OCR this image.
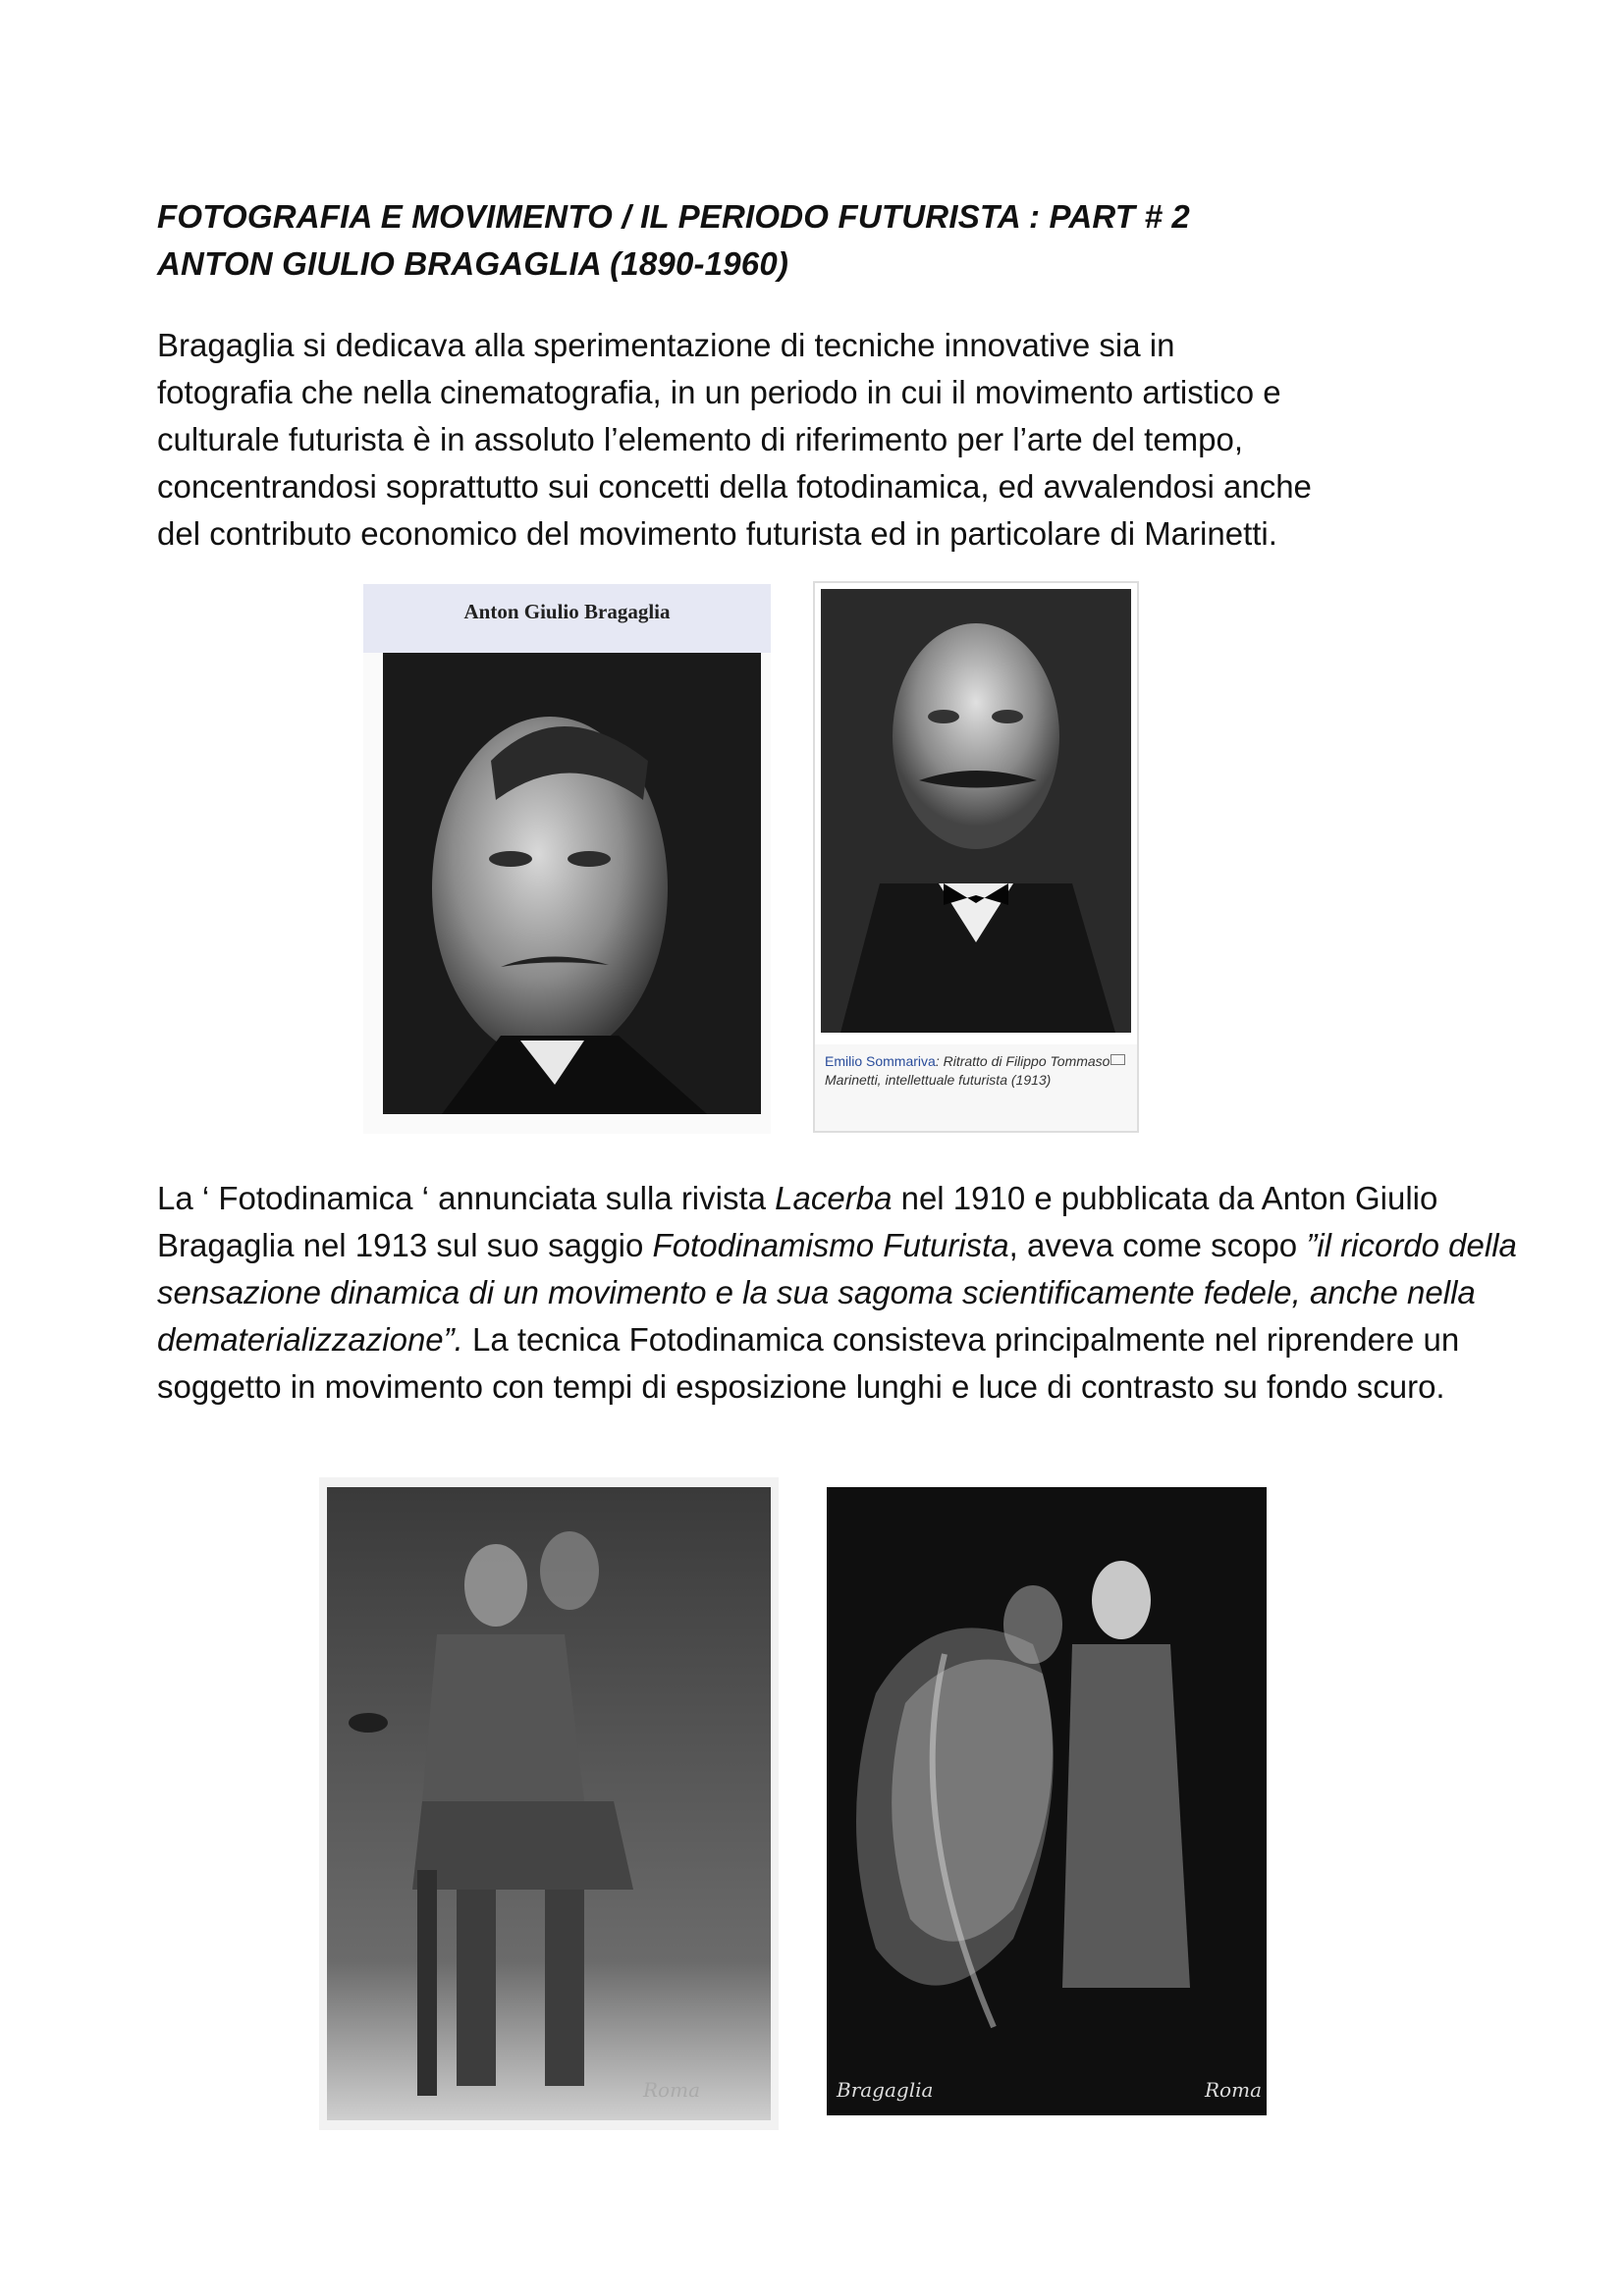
FOTOGRAFIA E MOVIMENTO / IL PERIODO FUTURISTA : PART # 2
ANTON GIULIO BRAGAGLIA (1890-1960)
Bragaglia si dedicava alla sperimentazione di tecniche innovative sia in
fotografia che nella cinematografia, in un periodo in cui il movimento artistico e
culturale futurista è in assoluto l’elemento di riferimento per l’arte del tempo,
concentrandosi soprattutto sui concetti della fotodinamica, ed avvalendosi anche
del contributo economico del movimento futurista ed in particolare di Marinetti.
Anton Giulio Bragaglia
Emilio Sommariva: Ritratto di Filippo Tommaso Marinetti, intellettuale futurista (1913)
La ‘ Fotodinamica ‘ annunciata sulla rivista Lacerba nel 1910 e pubblicata da Anton Giulio Bragaglia nel 1913 sul suo saggio Fotodinamismo Futurista, aveva come scopo ”il ricordo della sensazione dinamica di un movimento e la sua sagoma scientificamente fedele, anche nella dematerializzazione”. La tecnica Fotodinamica consisteva principalmente nel riprendere un soggetto in movimento con tempi di esposizione lunghi e luce di contrasto su fondo scuro.
Roma	Bragaglia	Roma
